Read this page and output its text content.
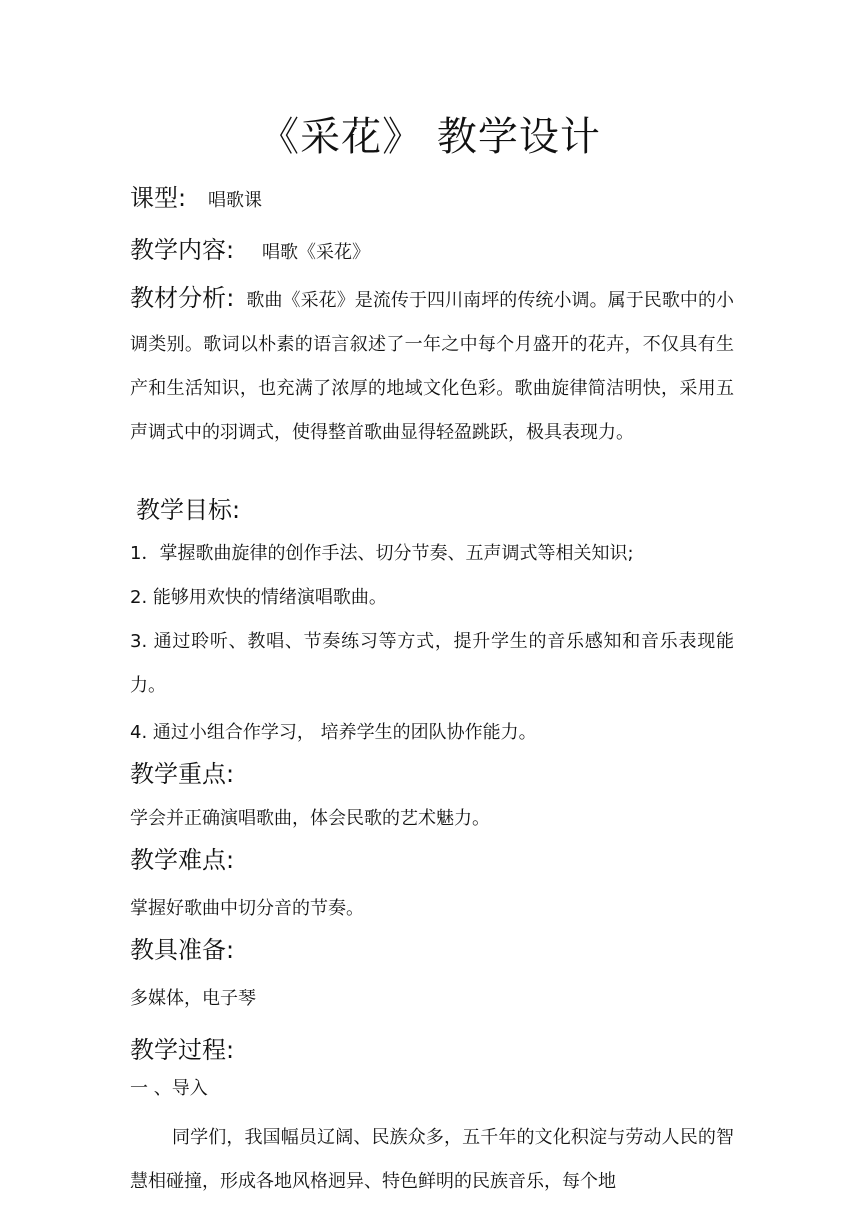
《采花》 教学设计
课型: 唱歌课
教学内容: 唱歌《采花》
教材分析: 歌曲《采花》是流传于四川南坪的传统小调。属于民歌中的小调类别。歌词以朴素的语言叙述了一年之中每个月盛开的花卉，不仅具有生产和生活知识，也充满了浓厚的地域文化色彩。歌曲旋律简洁明快，采用五声调式中的羽调式，使得整首歌曲显得轻盈跳跃，极具表现力。
教学目标:
1．掌握歌曲旋律的创作手法、切分节奏、五声调式等相关知识;
2. 能够用欢快的情绪演唱歌曲。
3. 通过聆听、教唱、节奏练习等方式，提升学生的音乐感知和音乐表现能力。
4. 通过小组合作学习， 培养学生的团队协作能力。
教学重点:
学会并正确演唱歌曲，体会民歌的艺术魅力。
教学难点:
掌握好歌曲中切分音的节奏。
教具准备:
多媒体，电子琴
教学过程:
一 、导入
同学们，我国幅员辽阔、民族众多，五千年的文化积淀与劳动人民的智慧相碰撞，形成各地风格迥异、特色鲜明的民族音乐，每个地
